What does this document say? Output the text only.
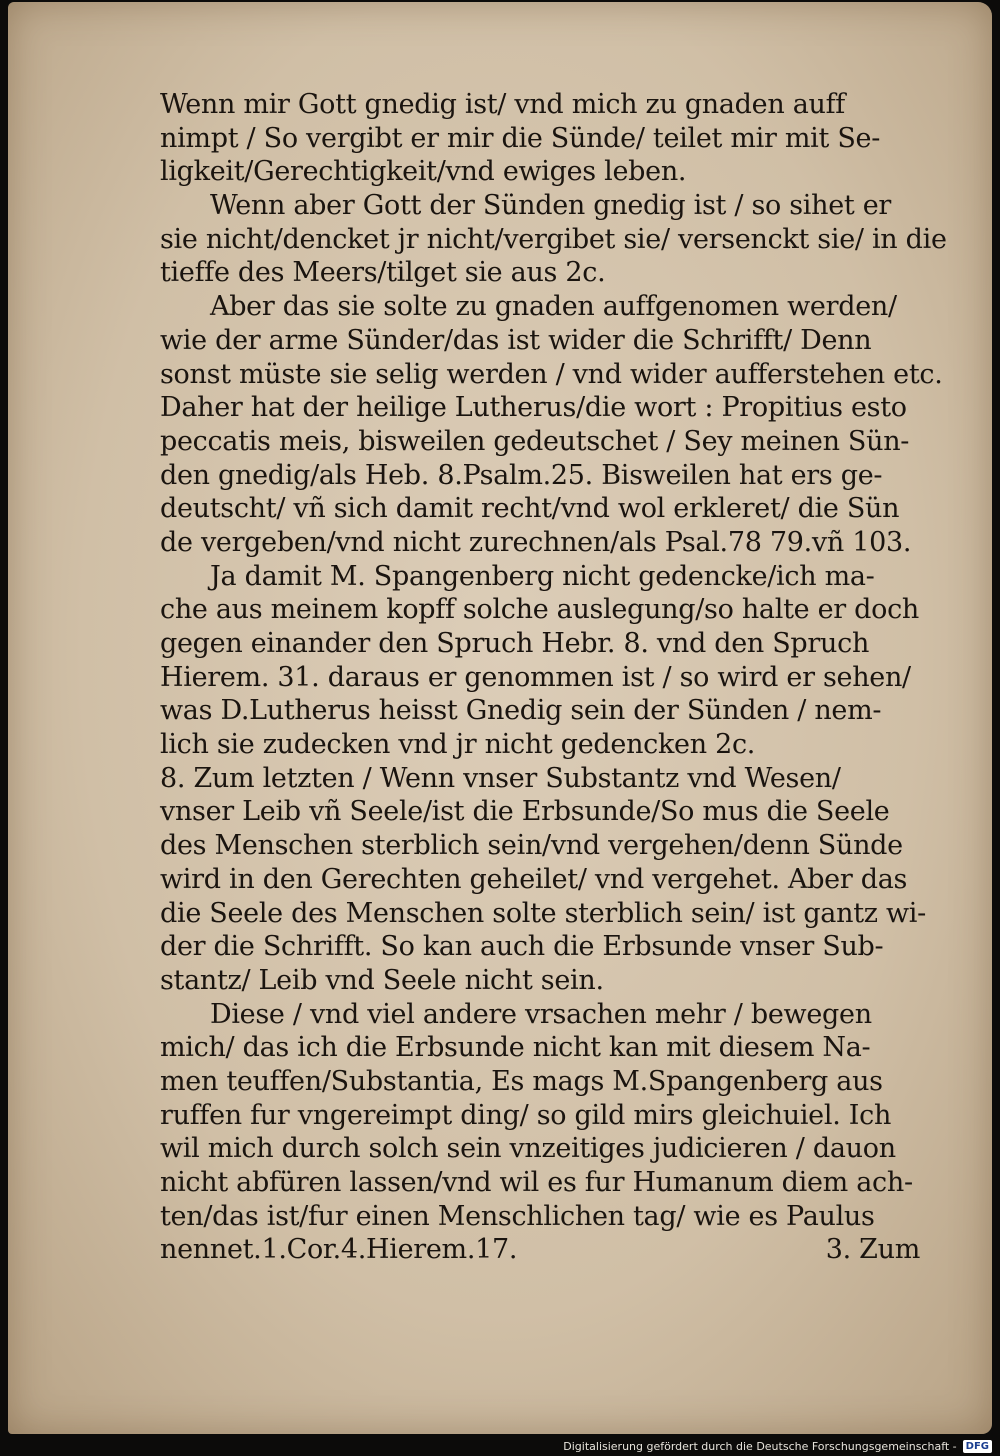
Wenn mir Gott gnedig ist/ vnd mich zu gnaden auff
nimpt / So vergibt er mir die Sünde/ teilet mir mit Se-
ligkeit/Gerechtigkeit/vnd ewiges leben.
Wenn aber Gott der Sünden gnedig ist / so sihet er
sie nicht/dencket jr nicht/vergibet sie/ versenckt sie/ in die
tieffe des Meers/tilget sie aus 2c.
Aber das sie solte zu gnaden auffgenomen werden/
wie der arme Sünder/das ist wider die Schrifft/ Denn
sonst müste sie selig werden / vnd wider aufferstehen etc.
Daher hat der heilige Lutherus/die wort : Propitius esto
peccatis meis, bisweilen gedeutschet / Sey meinen Sün-
den gnedig/als Heb. 8.Psalm.25. Bisweilen hat ers ge-
deutscht/ vñ sich damit recht/vnd wol erkleret/ die Sün
de vergeben/vnd nicht zurechnen/als Psal.78 79.vñ 103.
Ja damit M. Spangenberg nicht gedencke/ich ma-
che aus meinem kopff solche auslegung/so halte er doch
gegen einander den Spruch Hebr. 8. vnd den Spruch
Hierem. 31. daraus er genommen ist / so wird er sehen/
was D.Lutherus heisst Gnedig sein der Sünden / nem-
lich sie zudecken vnd jr nicht gedencken 2c.
8. Zum letzten / Wenn vnser Substantz vnd Wesen/
vnser Leib vñ Seele/ist die Erbsunde/So mus die Seele
des Menschen sterblich sein/vnd vergehen/denn Sünde
wird in den Gerechten geheilet/ vnd vergehet. Aber das
die Seele des Menschen solte sterblich sein/ ist gantz wi-
der die Schrifft. So kan auch die Erbsunde vnser Sub-
stantz/ Leib vnd Seele nicht sein.
Diese / vnd viel andere vrsachen mehr / bewegen
mich/ das ich die Erbsunde nicht kan mit diesem Na-
men teuffen/Substantia, Es mags M.Spangenberg aus
ruffen fur vngereimpt ding/ so gild mirs gleichuiel. Ich
wil mich durch solch sein vnzeitiges judicieren / dauon
nicht abfüren lassen/vnd wil es fur Humanum diem ach-
ten/das ist/fur einen Menschlichen tag/ wie es Paulus
nennet.1.Cor.4.Hierem.17.	3. Zum
Digitalisierung gefördert durch die Deutsche Forschungsgemeinschaft - DFG
